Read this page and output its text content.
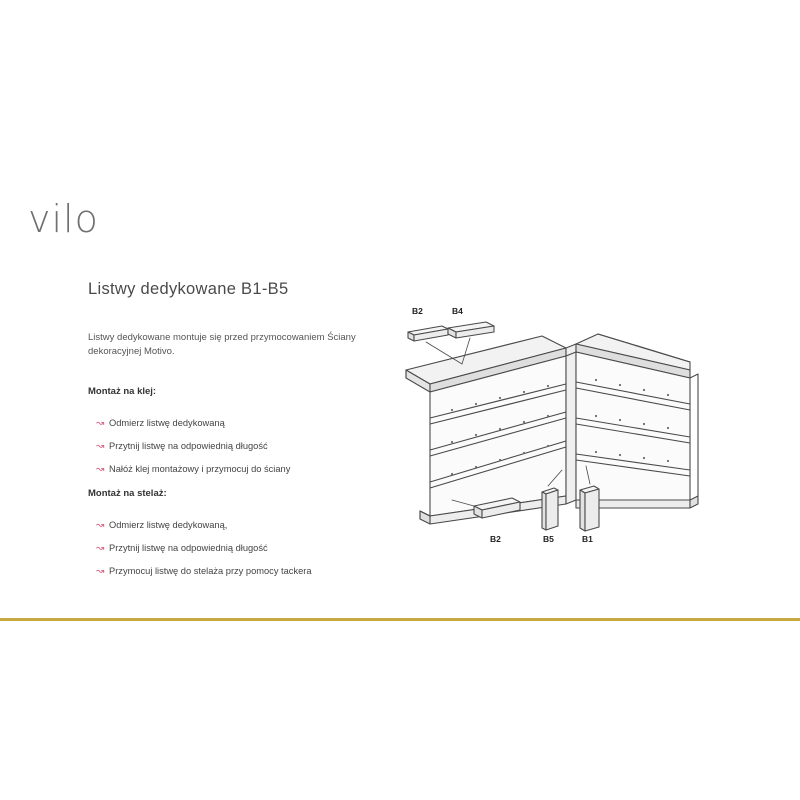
vilo
Listwy dedykowane B1-B5
Listwy dedykowane montuje się przed przymocowaniem Ściany dekoracyjnej Motivo.
Montaż na klej:
↝ Odmierz listwę dedykowaną
↝ Przytnij listwę na odpowiednią długość
↝ Nałóż klej montażowy i przymocuj do ściany
Montaż na stelaż:
↝ Odmierz listwę dedykowaną,
↝ Przytnij listwę na odpowiednią długość
↝ Przymocuj listwę do stelaża przy pomocy tackera
B2	B4
B2	B5	B1
